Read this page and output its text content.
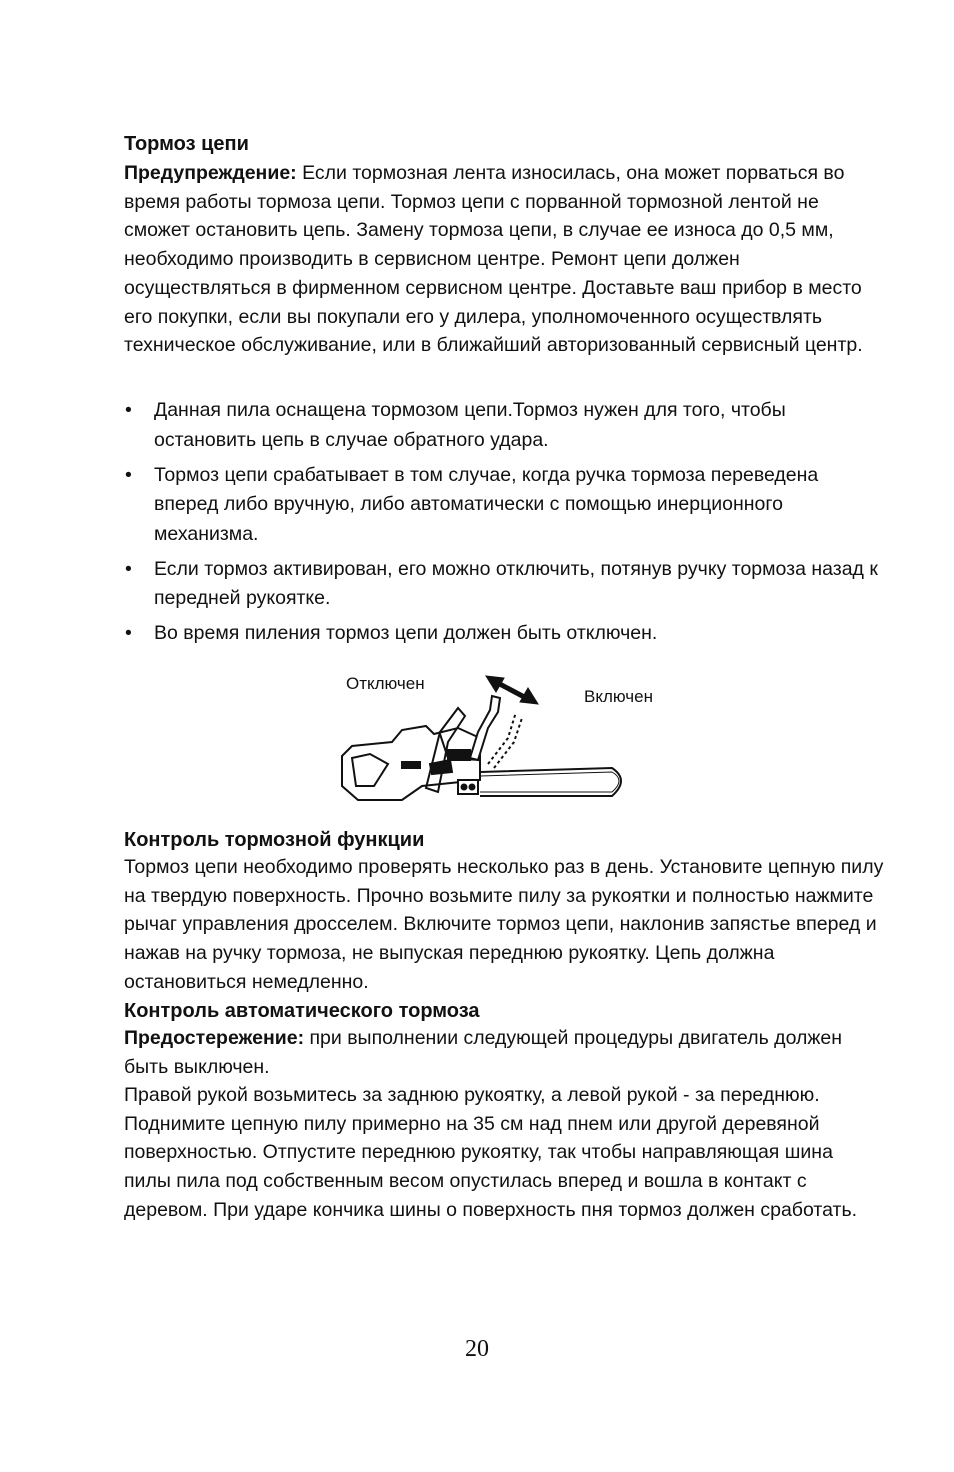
Тормоз цепи
Предупреждение: Если тормозная лента износилась, она может порваться во время работы тормоза цепи. Тормоз цепи с порванной тормозной лентой не сможет остановить цепь. Замену тормоза цепи, в случае ее износа до 0,5 мм, необходимо производить в сервисном центре. Ремонт цепи должен осуществляться в фирменном сервисном центре. Доставьте ваш прибор в место его покупки, если вы покупали его у дилера, уполномоченного осуществлять техническое обслуживание, или в ближайший авторизованный сервисный центр.
• Данная пила оснащена тормозом цепи.Тормоз нужен для того, чтобы остановить цепь в случае обратного удара.
• Тормоз цепи срабатывает в том случае, когда ручка тормоза переведена вперед либо вручную, либо автоматически с помощью инерционного механизма.
• Если тормоз активирован, его можно отключить, потянув ручку тормоза назад к передней рукоятке.
• Во время пиления тормоз цепи должен быть отключен.
Отключен
Включен
Контроль тормозной функции
Тормоз цепи необходимо проверять несколько раз в день. Установите цепную пилу на твердую поверхность. Прочно возьмите пилу за рукоятки и полностью нажмите рычаг управления дросселем. Включите тормоз цепи, наклонив запястье вперед и нажав на ручку тормоза, не выпуская переднюю рукоятку. Цепь должна остановиться немедленно.
Контроль автоматического тормоза
Предостережение: при выполнении следующей процедуры двигатель должен быть выключен.
Правой рукой возьмитесь за заднюю рукоятку, а левой рукой - за переднюю. Поднимите цепную пилу примерно на 35 см над пнем или другой деревяной поверхностью. Отпустите переднюю рукоятку, так чтобы направляющая шина пилы пила под собственным весом опустилась вперед и вошла в контакт с деревом. При ударе кончика шины о поверхность пня тормоз должен сработать.
20
